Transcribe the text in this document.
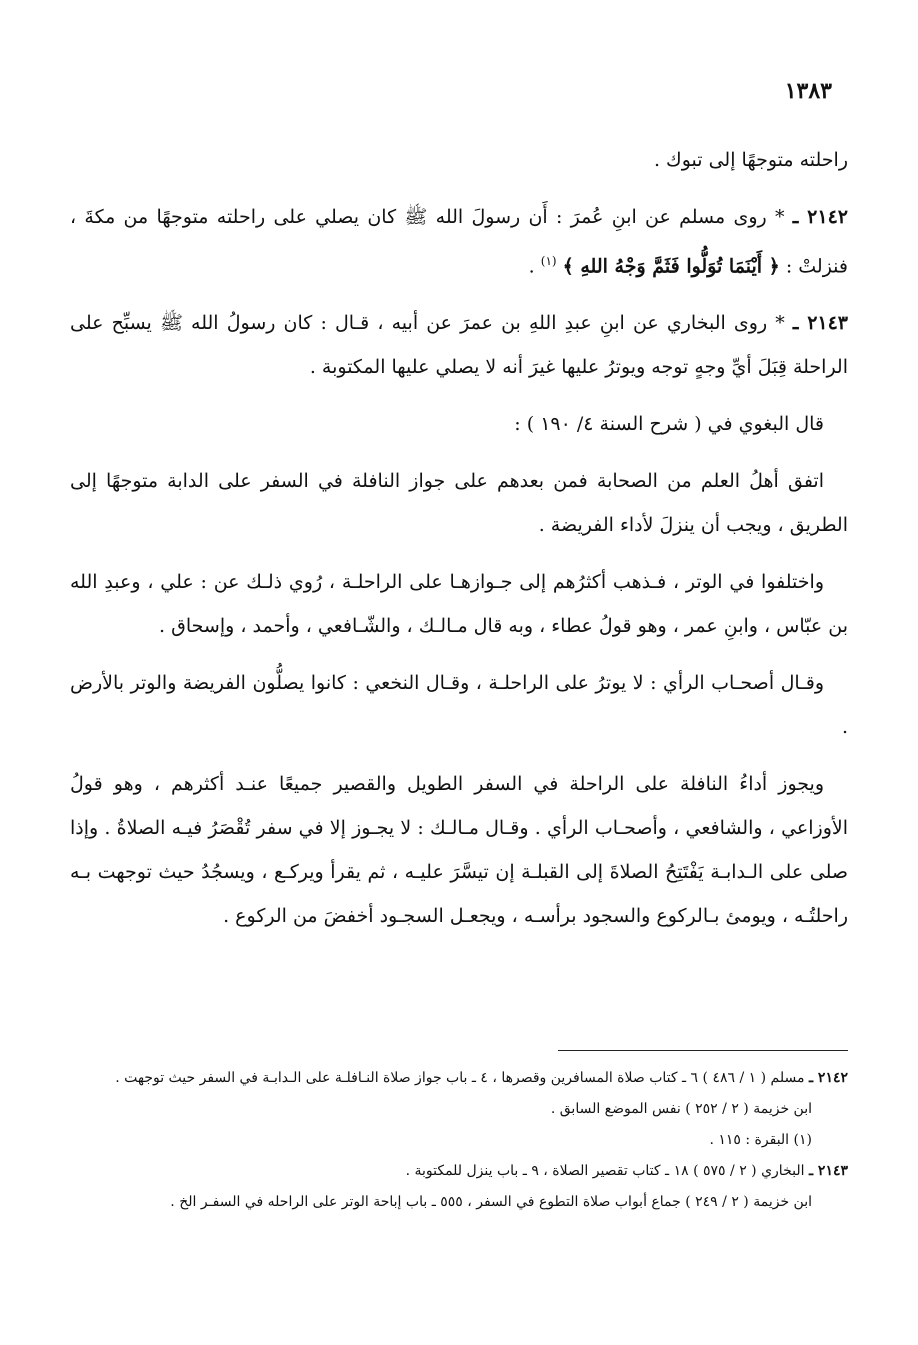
١٣٨٣

راحلته متوجهًا إلى تبوك .

٢١٤٢ ـ * روى مسلم عن ابنِ عُمرَ : أَن رسولَ الله ﷺ كان يصلي على راحلته متوجهًا من مكةَ ، فنزلتْ : ﴿ أَيْنَمَا تُوَلُّوا فَثَمَّ وَجْهُ اللهِ ﴾ $^{(١)}$ .

٢١٤٣ ـ * روى البخاري عن ابنِ عبدِ اللهِ بن عمرَ عن أبيه ، قـال : كان رسولُ الله ﷺ يسبِّح على الراحلة قِبَلَ أيِّ وجهٍ توجه ويوترُ عليها غيرَ أنه لا يصلي عليها المكتوبة .

قال البغوي في ( شرح السنة ٤/ ١٩٠ ) :

اتفق أهلُ العلم من الصحابة فمن بعدهم على جواز النافلة في السفر على الدابة متوجهًا إلى الطريق ، ويجب أن ينزلَ لأداء الفريضة .

واختلفوا في الوتر ، فـذهب أكثرُهم إلى جـوازهـا على الراحلـة ، رُوي ذلـك عن : علي ، وعبدِ الله بن عبّاس ، وابنِ عمر ، وهو قولُ عطاء ، وبه قال مـالـك ، والشّـافعي ، وأحمد ، وإسحاق .

وقـال أصحـاب الرأي : لا يوترُ على الراحلـة ، وقـال النخعي : كانوا يصلُّون الفريضة والوتر بالأرض .

ويجوز أداءُ النافلة على الراحلة في السفر الطويل والقصير جميعًا عنـد أكثرهم ، وهو قولُ الأوزاعي ، والشافعي ، وأصحـاب الرأي . وقـال مـالـك : لا يجـوز إلا في سفر تُقْصَرُ فيـه الصلاةُ . وإذا صلى على الـدابـة يَفْتَتِحُ الصلاةَ إلى القبلـة إن تيسَّرَ عليـه ، ثم يقرأ ويركـع ، ويسجُدُ حيث توجهت بـه راحلتُـه ، ويومئ بـالركوع والسجود برأسـه ، ويجعـل السجـود أخفضَ من الركوع .

٢١٤٢ ـ مسلم ( ١ / ٤٨٦ ) ٦ ـ كتاب صلاة المسافرين وقصرها ، ٤ ـ باب جواز صلاة النـافلـة على الـدابـة في السفر حيث توجهت .

ابن خزيمة ( ٢ / ٢٥٢ ) نفس الموضع السابق .

(١) البقرة : ١١٥ .

٢١٤٣ ـ البخاري ( ٢ / ٥٧٥ ) ١٨ ـ كتاب تقصير الصلاة ، ٩ ـ باب ينزل للمكتوبة .

ابن خزيمة ( ٢ / ٢٤٩ ) جماع أبواب صلاة التطوع في السفر ، ٥٥٥ ـ باب إباحة الوتر على الراحله في السفـر الخ .
